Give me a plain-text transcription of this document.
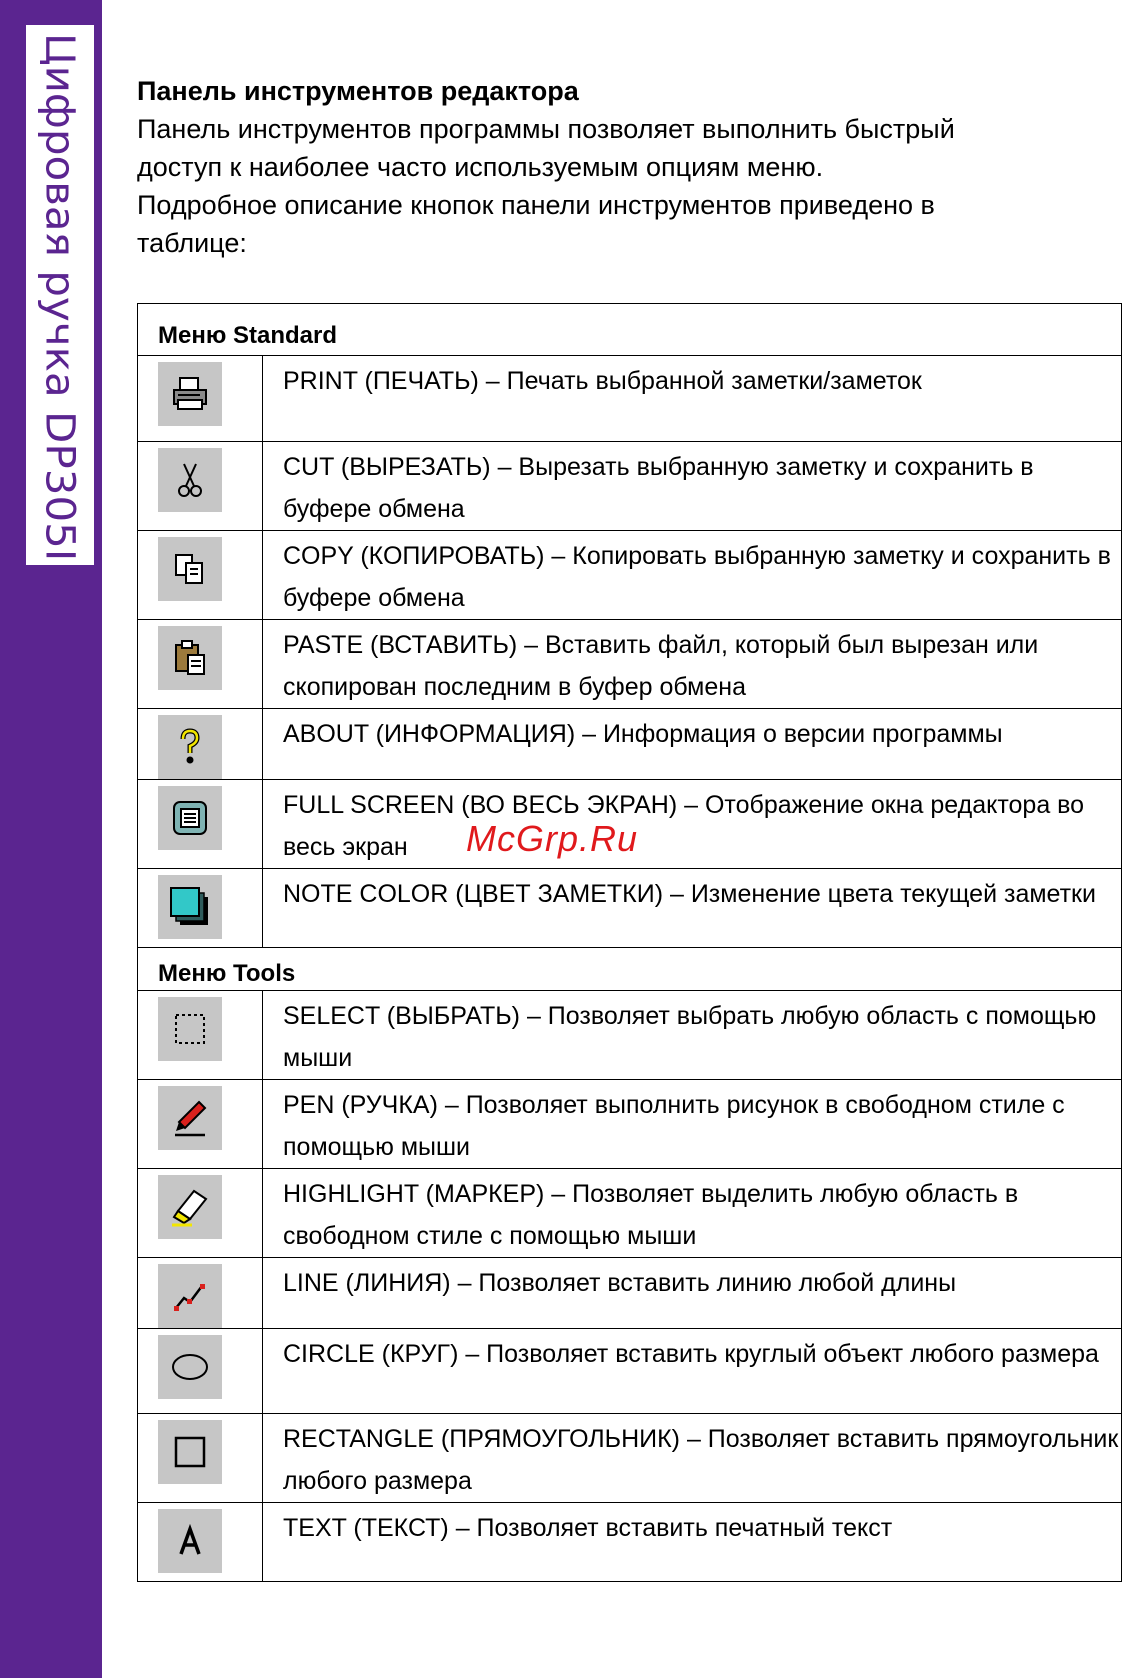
Цифровая ручка DP305I Панель инструментов редактора

Панель инструментов программы позволяет выполнить быстрый

доступ к наиболее часто используемым опциям меню.

Подробное описание кнопок панели инструментов приведено в

таблице:

Меню Standard	

	PRINT (ПЕЧАТЬ) – Печать выбранной заметки/заметок

	CUT (ВЫРЕЗАТЬ) – Вырезать выбранную заметку и сохранить в буфере обмена

	COPY (КОПИРОВАТЬ) – Копировать выбранную заметку и сохранить в буфере обмена

	PASTE (ВСТАВИТЬ) – Вставить файл, который был вырезан или скопирован последним в буфер обмена

	ABOUT (ИНФОРМАЦИЯ) – Информация о версии программы

	FULL SCREEN (ВО ВЕСЬ ЭКРАН) – Отображение окна редактора во весь экран

	NOTE COLOR (ЦВЕТ ЗАМЕТКИ) – Изменение цвета текущей заметки
Меню Tools	

	SELECT (ВЫБРАТЬ) – Позволяет выбрать любую область с помощью мыши

	PEN (РУЧКА) – Позволяет выполнить рисунок в свободном стиле с помощью мыши

	HIGHLIGHT (МАРКЕР) – Позволяет выделить любую область в свободном стиле с помощью мыши

	LINE (ЛИНИЯ) – Позволяет вставить линию любой длины

	CIRCLE (КРУГ) – Позволяет вставить круглый объект любого размера

	RECTANGLE (ПРЯМОУГОЛЬНИК) – Позволяет вставить прямоугольник любого размера

	TEXT (ТЕКСТ) – Позволяет вставить печатный текст
McGrp.Ru
